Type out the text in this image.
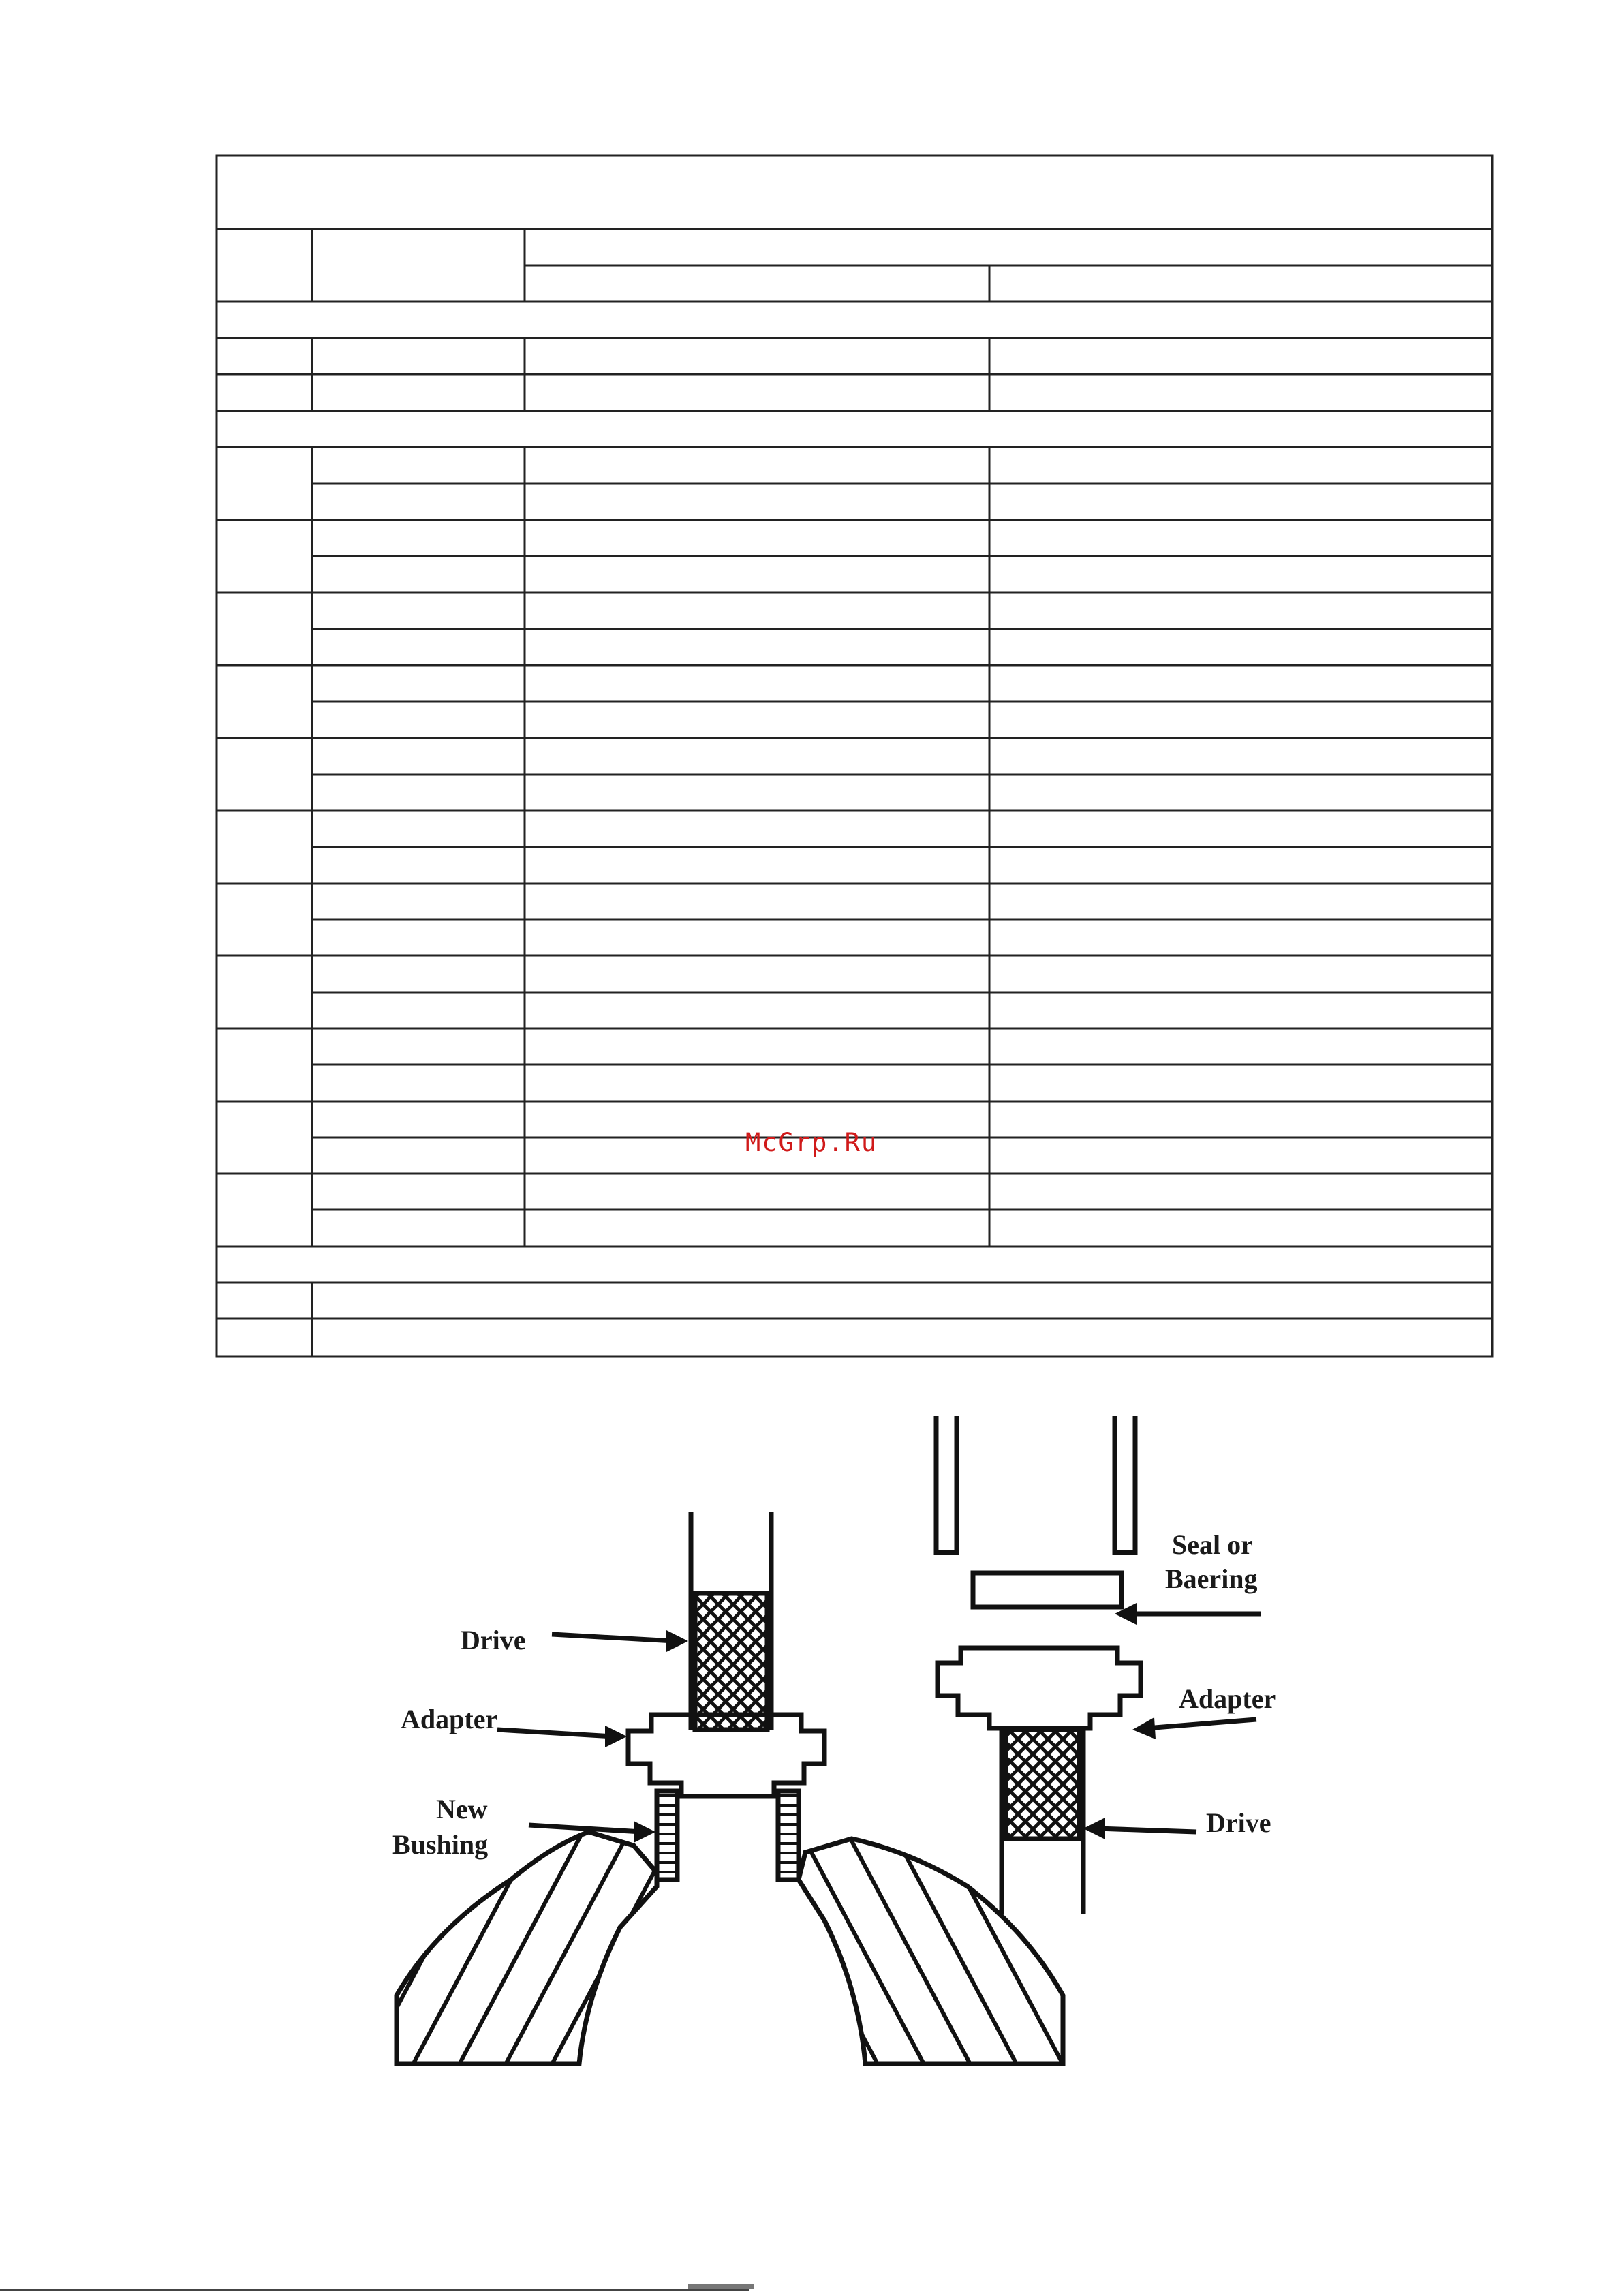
McGrp.Ru
Drive
Adapter
New
Bushing
Seal or
Baering
Adapter
Drive
